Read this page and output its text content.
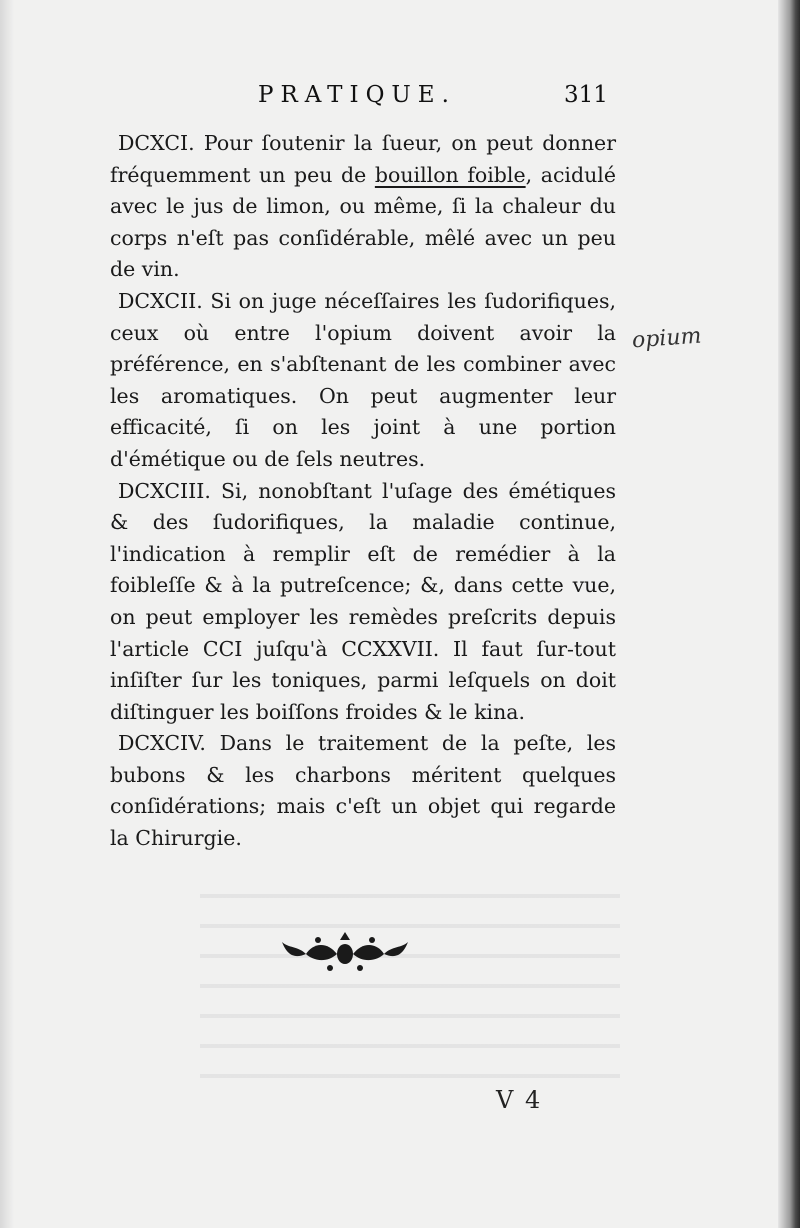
PRATIQUE.	311

DCXCI. Pour ſoutenir la ſueur, on peut donner fréquemment un peu de bouillon foible, acidulé avec le jus de limon, ou même, ſi la chaleur du corps n'eſt pas conſidérable, mêlé avec un peu de vin.

DCXCII. Si on juge néceſſaires les ſudorifiques, ceux où entre l'opium doivent avoir la préférence, en s'abſtenant de les combiner avec les aromatiques. On peut augmenter leur efficacité, ſi on les joint à une portion d'émétique ou de ſels neutres.

DCXCIII. Si, nonobſtant l'uſage des émétiques & des ſudorifiques, la maladie continue, l'indication à remplir eſt de remédier à la foibleſſe & à la putreſcence; &, dans cette vue, on peut employer les remèdes preſcrits depuis l'article CCI juſqu'à CCXXVII. Il faut ſur-tout inſiſter ſur les toniques, parmi leſquels on doit diſtinguer les boiſſons froides & le kina.

DCXCIV. Dans le traitement de la peſte, les bubons & les charbons méritent quelques conſidérations; mais c'eſt un objet qui regarde la Chirurgie.

opium
V 4
